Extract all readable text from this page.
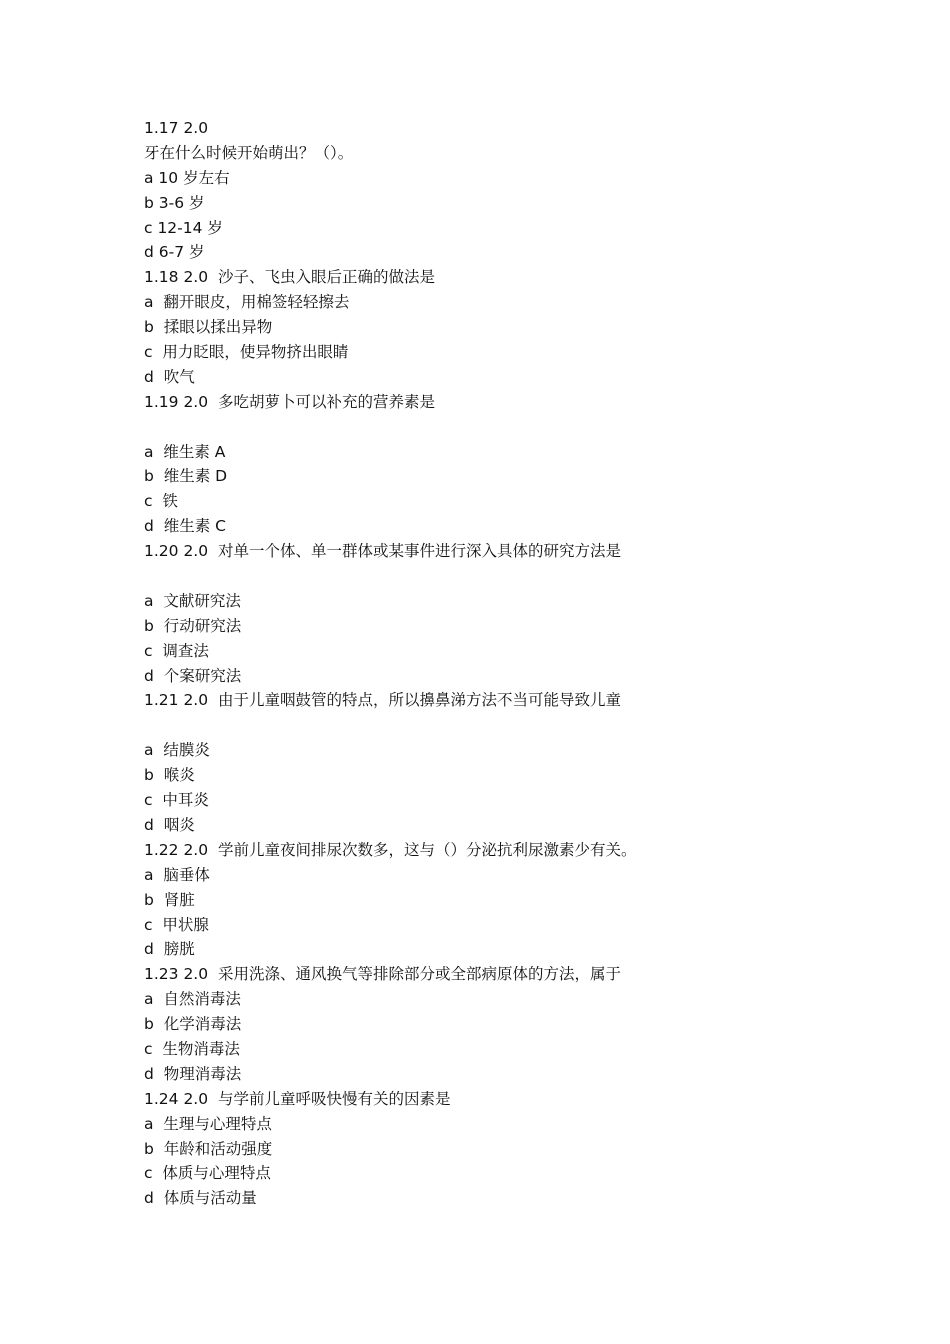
1.17 2.0
牙在什么时候开始萌出？（）。
a 10 岁左右
b 3-6 岁
c 12-14 岁
d 6-7 岁
1.18 2.0 沙子、飞虫入眼后正确的做法是
a  翻开眼皮，用棉签轻轻擦去
b  揉眼以揉出异物
c  用力眨眼，使异物挤出眼睛
d  吹气
1.19 2.0 多吃胡萝卜可以补充的营养素是
a  维生素 A
b  维生素 D
c  铁
d  维生素 C
1.20 2.0 对单一个体、单一群体或某事件进行深入具体的研究方法是
a  文献研究法
b  行动研究法
c  调查法
d  个案研究法
1.21 2.0 由于儿童咽鼓管的特点，所以擤鼻涕方法不当可能导致儿童
a  结膜炎
b  喉炎
c  中耳炎
d  咽炎
1.22 2.0 学前儿童夜间排尿次数多，这与（）分泌抗利尿激素少有关。
a  脑垂体
b  肾脏
c  甲状腺
d  膀胱
1.23 2.0 采用洗涤、通风换气等排除部分或全部病原体的方法，属于
a  自然消毒法
b  化学消毒法
c  生物消毒法
d  物理消毒法
1.24 2.0 与学前儿童呼吸快慢有关的因素是
a  生理与心理特点
b  年龄和活动强度
c  体质与心理特点
d  体质与活动量
